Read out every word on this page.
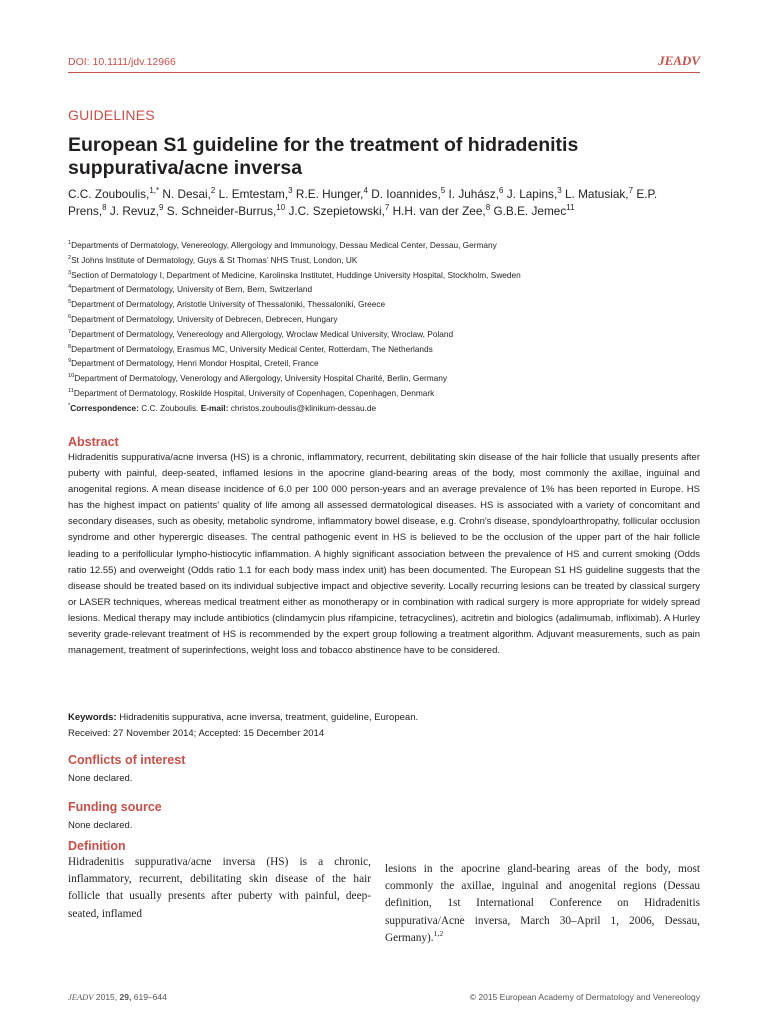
DOI: 10.1111/jdv.12966	JEADV
GUIDELINES
European S1 guideline for the treatment of hidradenitis suppurativa/acne inversa
C.C. Zouboulis,$^{1,*}$ N. Desai,$^2$ L. Emtestam,$^3$ R.E. Hunger,$^4$ D. Ioannides,$^5$ I. Juhász,$^6$ J. Lapins,$^3$ L. Matusiak,$^7$ E.P. Prens,$^8$ J. Revuz,$^9$ S. Schneider-Burrus,$^{10}$ J.C. Szepietowski,$^7$ H.H. van der Zee,$^8$ G.B.E. Jemec$^{11}$
$^1$Departments of Dermatology, Venereology, Allergology and Immunology, Dessau Medical Center, Dessau, Germany
$^2$St Johns Institute of Dermatology, Guys & St Thomas’ NHS Trust, London, UK
$^3$Section of Dermatology I, Department of Medicine, Karolinska Institutet, Huddinge University Hospital, Stockholm, Sweden
$^4$Department of Dermatology, University of Bern, Bern, Switzerland
$^5$Department of Dermatology, Aristotle University of Thessaloniki, Thessaloniki, Greece
$^6$Department of Dermatology, University of Debrecen, Debrecen, Hungary
$^7$Department of Dermatology, Venereology and Allergology, Wroclaw Medical University, Wroclaw, Poland
$^8$Department of Dermatology, Erasmus MC, University Medical Center, Rotterdam, The Netherlands
$^9$Department of Dermatology, Henri Mondor Hospital, Creteil, France
$^{10}$Department of Dermatology, Venerology and Allergology, University Hospital Charité, Berlin, Germany
$^{11}$Department of Dermatology, Roskilde Hospital, University of Copenhagen, Copenhagen, Denmark
*Correspondence: C.C. Zouboulis. E-mail: christos.zouboulis@klinikum-dessau.de
Abstract
Hidradenitis suppurativa/acne inversa (HS) is a chronic, inflammatory, recurrent, debilitating skin disease of the hair follicle that usually presents after puberty with painful, deep-seated, inflamed lesions in the apocrine gland-bearing areas of the body, most commonly the axillae, inguinal and anogenital regions. A mean disease incidence of 6.0 per 100 000 person-years and an average prevalence of 1% has been reported in Europe. HS has the highest impact on patients' quality of life among all assessed dermatological diseases. HS is associated with a variety of concomitant and secondary diseases, such as obesity, metabolic syndrome, inflammatory bowel disease, e.g. Crohn's disease, spondyloarthropathy, follicular occlusion syndrome and other hyperergic diseases. The central pathogenic event in HS is believed to be the occlusion of the upper part of the hair follicle leading to a perifollicular lympho-histiocytic inflammation. A highly significant association between the prevalence of HS and current smoking (Odds ratio 12.55) and overweight (Odds ratio 1.1 for each body mass index unit) has been documented. The European S1 HS guideline suggests that the disease should be treated based on its individual subjective impact and objective severity. Locally recurring lesions can be treated by classical surgery or LASER techniques, whereas medical treatment either as monotherapy or in combination with radical surgery is more appropriate for widely spread lesions. Medical therapy may include antibiotics (clindamycin plus rifampicine, tetracyclines), acitretin and biologics (adalimumab, infliximab). A Hurley severity grade-relevant treatment of HS is recommended by the expert group following a treatment algorithm. Adjuvant measurements, such as pain management, treatment of superinfections, weight loss and tobacco abstinence have to be considered.
Keywords: Hidradenitis suppurativa, acne inversa, treatment, guideline, European.
Received: 27 November 2014; Accepted: 15 December 2014
Conflicts of interest
None declared.
Funding source
None declared.
Definition
Hidradenitis suppurativa/acne inversa (HS) is a chronic, inflammatory, recurrent, debilitating skin disease of the hair follicle that usually presents after puberty with painful, deep-seated, inflamed
lesions in the apocrine gland-bearing areas of the body, most commonly the axillae, inguinal and anogenital regions (Dessau definition, 1st International Conference on Hidradenitis suppurativa/Acne inversa, March 30–April 1, 2006, Dessau, Germany).$^{1,2}$
JEADV 2015, 29, 619–644	© 2015 European Academy of Dermatology and Venereology
